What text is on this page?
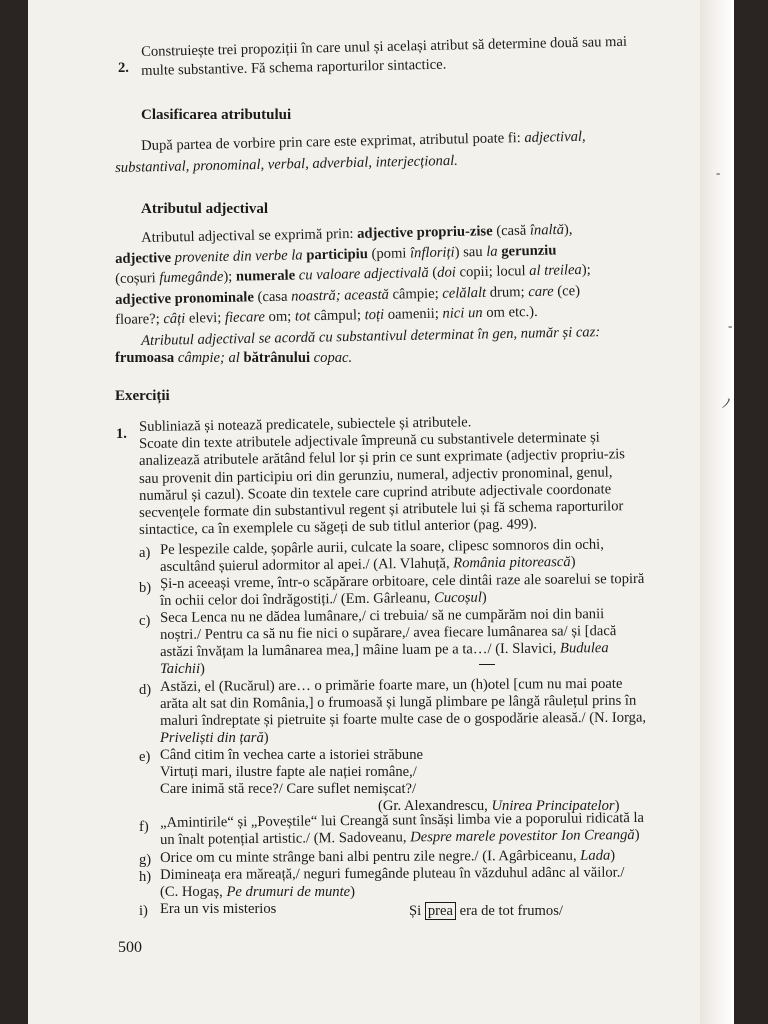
2.
Construiește trei propoziții în care unul și același atribut să determine două sau mai
multe substantive. Fă schema raporturilor sintactice.
Clasificarea atributului
După partea de vorbire prin care este exprimat, atributul poate fi: adjectival,
substantival, pronominal, verbal, adverbial, interjecțional.
Atributul adjectival
Atributul adjectival se exprimă prin: adjective propriu-zise (casă înaltă),
adjective provenite din verbe la participiu (pomi înfloriți) sau la gerunziu
(coșuri fumegânde); numerale cu valoare adjectivală (doi copii; locul al treilea);
adjective pronominale (casa noastră; această câmpie; celălalt drum; care (ce)
floare?; câți elevi; fiecare om; tot câmpul; toți oamenii; nici un om etc.).
Atributul adjectival se acordă cu substantivul determinat în gen, număr și caz:
frumoasa câmpie; al bătrânului copac.
Exerciții
1. Subliniază și notează predicatele, subiectele și atributele.
Scoate din texte atributele adjectivale împreună cu substantivele determinate și
analizează atributele arătând felul lor și prin ce sunt exprimate (adjectiv propriu-zis
sau provenit din participiu ori din gerunziu, numeral, adjectiv pronominal, genul,
numărul și cazul). Scoate din textele care cuprind atribute adjectivale coordonate
secvențele formate din substantivul regent și atributele lui și fă schema raporturilor
sintactice, ca în exemplele cu săgeți de sub titlul anterior (pag. 499).
a) Pe lespezile calde, șopârle aurii, culcate la soare, clipesc somnoros din ochi,
ascultând șuierul adormitor al apei./ (Al. Vlahuță, România pitorească)
b) Și-n aceeași vreme, într-o scăpărare orbitoare, cele dintâi raze ale soarelui se topiră
în ochii celor doi îndrăgostiți./ (Em. Gârleanu, Cucoșul)
c) Seca Lenca nu ne dădea lumânare,/ ci trebuia/ să ne cumpărăm noi din banii
noștri./ Pentru ca să nu fie nici o supărare,/ avea fiecare lumânarea sa/ și [dacă
astăzi învățam la lumânarea mea,] mâine luam pe a ta…/ (I. Slavici, Budulea
Taichii)
d) Astăzi, el (Rucărul) are… o primărie foarte mare, un (h)otel [cum nu mai poate
arăta alt sat din România,] o frumoasă și lungă plimbare pe lângă râulețul prins în
maluri îndreptate și pietruite și foarte multe case de o gospodărie aleasă./ (N. Iorga,
Priveliști din țară)
e) Când citim în vechea carte a istoriei străbune
Virtuți mari, ilustre fapte ale nației române,/
Care inimă stă rece?/ Care suflet nemișcat?/
(Gr. Alexandrescu, Unirea Principatelor)
f) „Amintirile“ și „Poveștile“ lui Creangă sunt însăși limba vie a poporului ridicată la
un înalt potențial artistic./ (M. Sadoveanu, Despre marele povestitor Ion Creangă)
g) Orice om cu minte strânge bani albi pentru zile negre./ (I. Agârbiceanu, Lada)
h) Dimineața era măreață,/ neguri fumegânde pluteau în văzduhul adânc al văilor./
(C. Hogaș, Pe drumuri de munte)
i) Era un vis misterios	Și prea era de tot frumos/
-
-
ノ
500
